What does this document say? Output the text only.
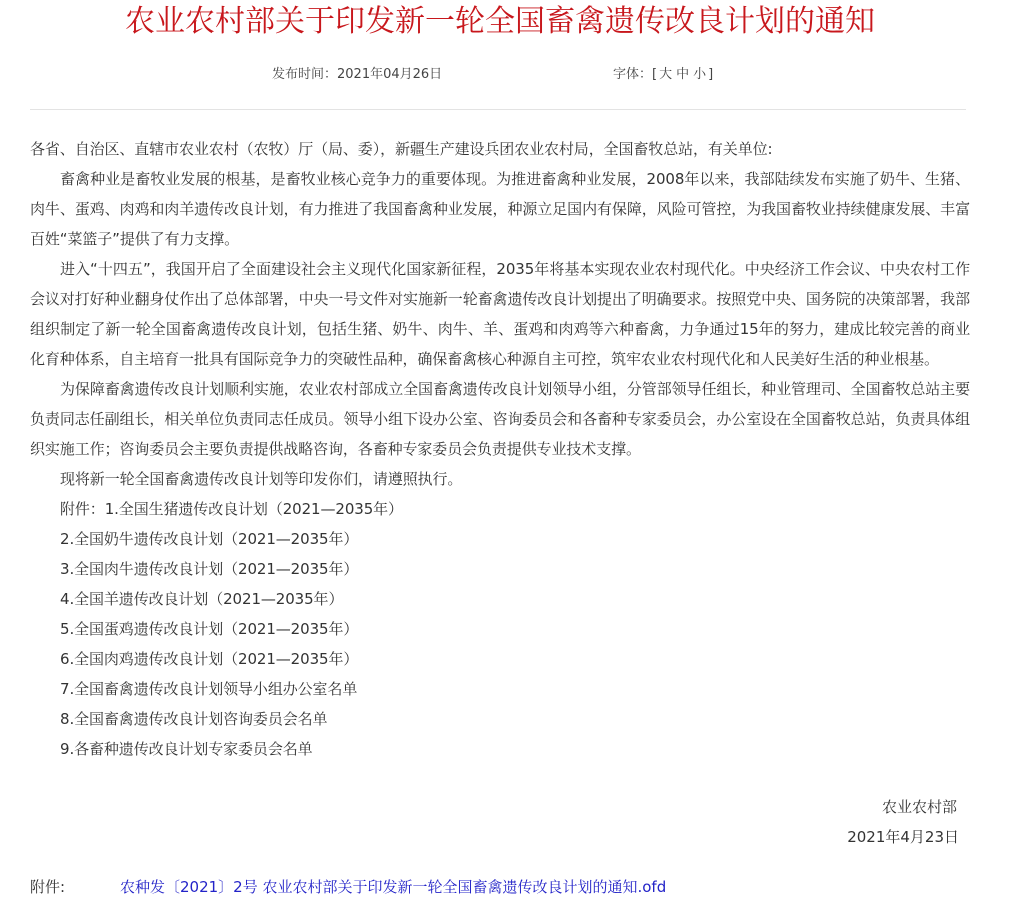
农业农村部关于印发新一轮全国畜禽遗传改良计划的通知
发布时间：2021年04月26日	字体：[ 大 中 小 ]

各省、自治区、直辖市农业农村（农牧）厅（局、委），新疆生产建设兵团农业农村局，全国畜牧总站，有关单位:

畜禽种业是畜牧业发展的根基，是畜牧业核心竞争力的重要体现。为推进畜禽种业发展，2008年以来，我部陆续发布实施了奶牛、生猪、肉牛、蛋鸡、肉鸡和肉羊遗传改良计划，有力推进了我国畜禽种业发展，种源立足国内有保障，风险可管控，为我国畜牧业持续健康发展、丰富百姓“菜篮子”提供了有力支撑。

进入“十四五”，我国开启了全面建设社会主义现代化国家新征程，2035年将基本实现农业农村现代化。中央经济工作会议、中央农村工作会议对打好种业翻身仗作出了总体部署，中央一号文件对实施新一轮畜禽遗传改良计划提出了明确要求。按照党中央、国务院的决策部署，我部组织制定了新一轮全国畜禽遗传改良计划，包括生猪、奶牛、肉牛、羊、蛋鸡和肉鸡等六种畜禽，力争通过15年的努力，建成比较完善的商业化育种体系，自主培育一批具有国际竞争力的突破性品种，确保畜禽核心种源自主可控，筑牢农业农村现代化和人民美好生活的种业根基。

为保障畜禽遗传改良计划顺利实施，农业农村部成立全国畜禽遗传改良计划领导小组，分管部领导任组长，种业管理司、全国畜牧总站主要负责同志任副组长，相关单位负责同志任成员。领导小组下设办公室、咨询委员会和各畜种专家委员会，办公室设在全国畜牧总站，负责具体组织实施工作；咨询委员会主要负责提供战略咨询，各畜种专家委员会负责提供专业技术支撑。

现将新一轮全国畜禽遗传改良计划等印发你们，请遵照执行。

附件：1.全国生猪遗传改良计划（2021—2035年）

2.全国奶牛遗传改良计划（2021—2035年）

3.全国肉牛遗传改良计划（2021—2035年）

4.全国羊遗传改良计划（2021—2035年）

5.全国蛋鸡遗传改良计划（2021—2035年）

6.全国肉鸡遗传改良计划（2021—2035年）

7.全国畜禽遗传改良计划领导小组办公室名单

8.全国畜禽遗传改良计划咨询委员会名单

9.各畜种遗传改良计划专家委员会名单

农业农村部
2021年4月23日
附件:	农种发〔2021〕2号 农业农村部关于印发新一轮全国畜禽遗传改良计划的通知.ofd
